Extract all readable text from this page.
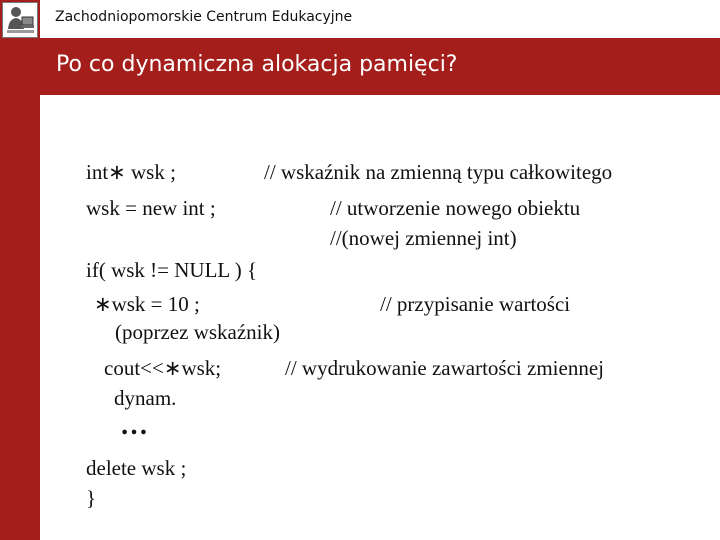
Zachodniopomorskie Centrum Edukacyjne
Po co dynamiczna alokacja pamięci?
int∗ wsk ;	// wskaźnik na zmienną typu całkowitego
wsk = new int ;	// utworzenie nowego obiektu
//(nowej zmiennej int)
if( wsk != NULL ) {
∗wsk = 10 ;	// przypisanie wartości
(poprzez wskaźnik)
cout<<∗wsk;	// wydrukowanie zawartości zmiennej
dynam.
…
delete wsk ;
}
